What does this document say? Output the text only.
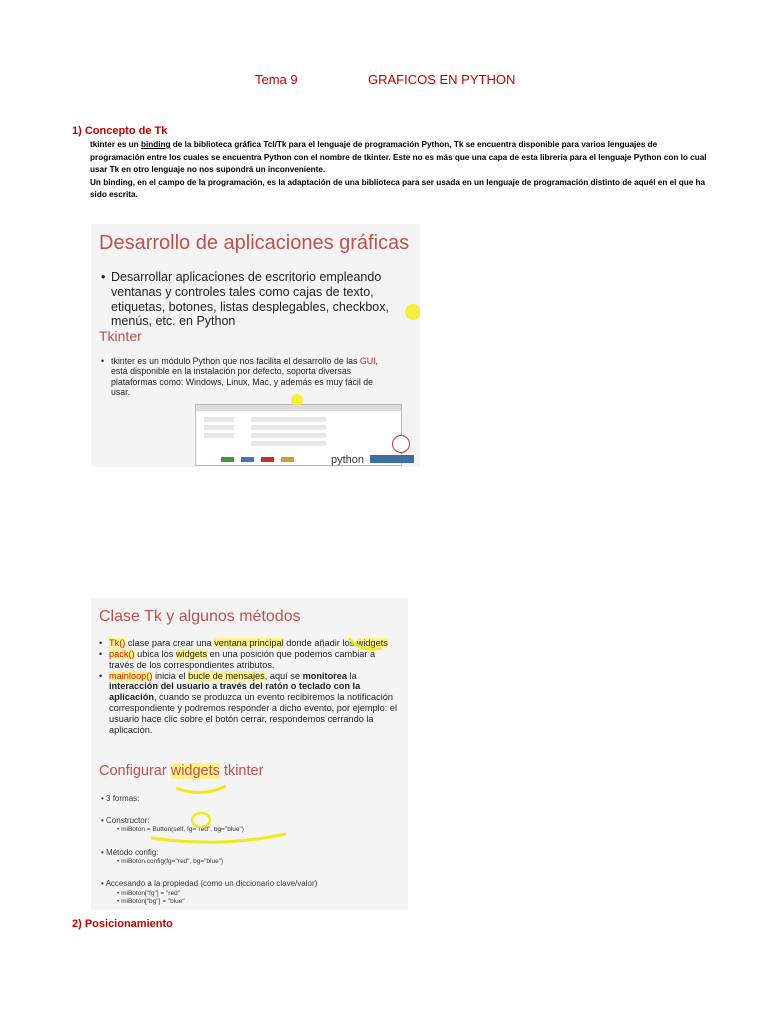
Tema 9	GRAFICOS EN PYTHON
1) Concepto de Tk

tkinter es un binding de la biblioteca gráfica Tcl/Tk para el lenguaje de programación Python, Tk se encuentra disponible para varios lenguajes de programación entre los cuales se encuentra Python con el nombre de tkinter. Este no es más que una capa de esta librería para el lenguaje Python con lo cual usar Tk en otro lenguaje no nos supondrá un inconveniente.

Un binding, en el campo de la programación, es la adaptación de una biblioteca para ser usada en un lenguaje de programación distinto de aquél en el que ha sido escrita.

Desarrollo de aplicaciones gráficas
• Desarrollar aplicaciones de escritorio empleando ventanas y controles tales como cajas de texto, etiquetas, botones, listas desplegables, checkbox, menús, etc. en Python
Tkinter
• tkinter es un módulo Python que nos facilita el desarrollo de las GUI, está disponible en la instalación por defecto, soporta diversas plataformas como: Windows, Linux, Mac, y además es muy fácil de usar.
python
Clase Tk y algunos métodos
• Tk() clase para crear una ventana principal donde añadir los widgets
• pack() ubica los widgets en una posición que podemos cambiar a través de los correspondientes atributos.
• mainloop() inicia el bucle de mensajes, aquí se monitorea la interacción del usuario a través del ratón o teclado con la aplicación, cuando se produzca un evento recibiremos la notificación correspondiente y podremos responder a dicho evento, por ejemplo: el usuario hace clic sobre el botón cerrar, respondemos cerrando la aplicación.
Configurar widgets tkinter
• 3 formas:
• Constructor:
• miBoton = Button(self, fg="red", bg="blue")
• Método config:
• miBoton.config(fg="red", bg="blue")
• Accesando a la propiedad (como un diccionario clave/valor)
• miBoton["fg"] = "red"
• miBoton["bg"] = "blue"
2) Posicionamiento
